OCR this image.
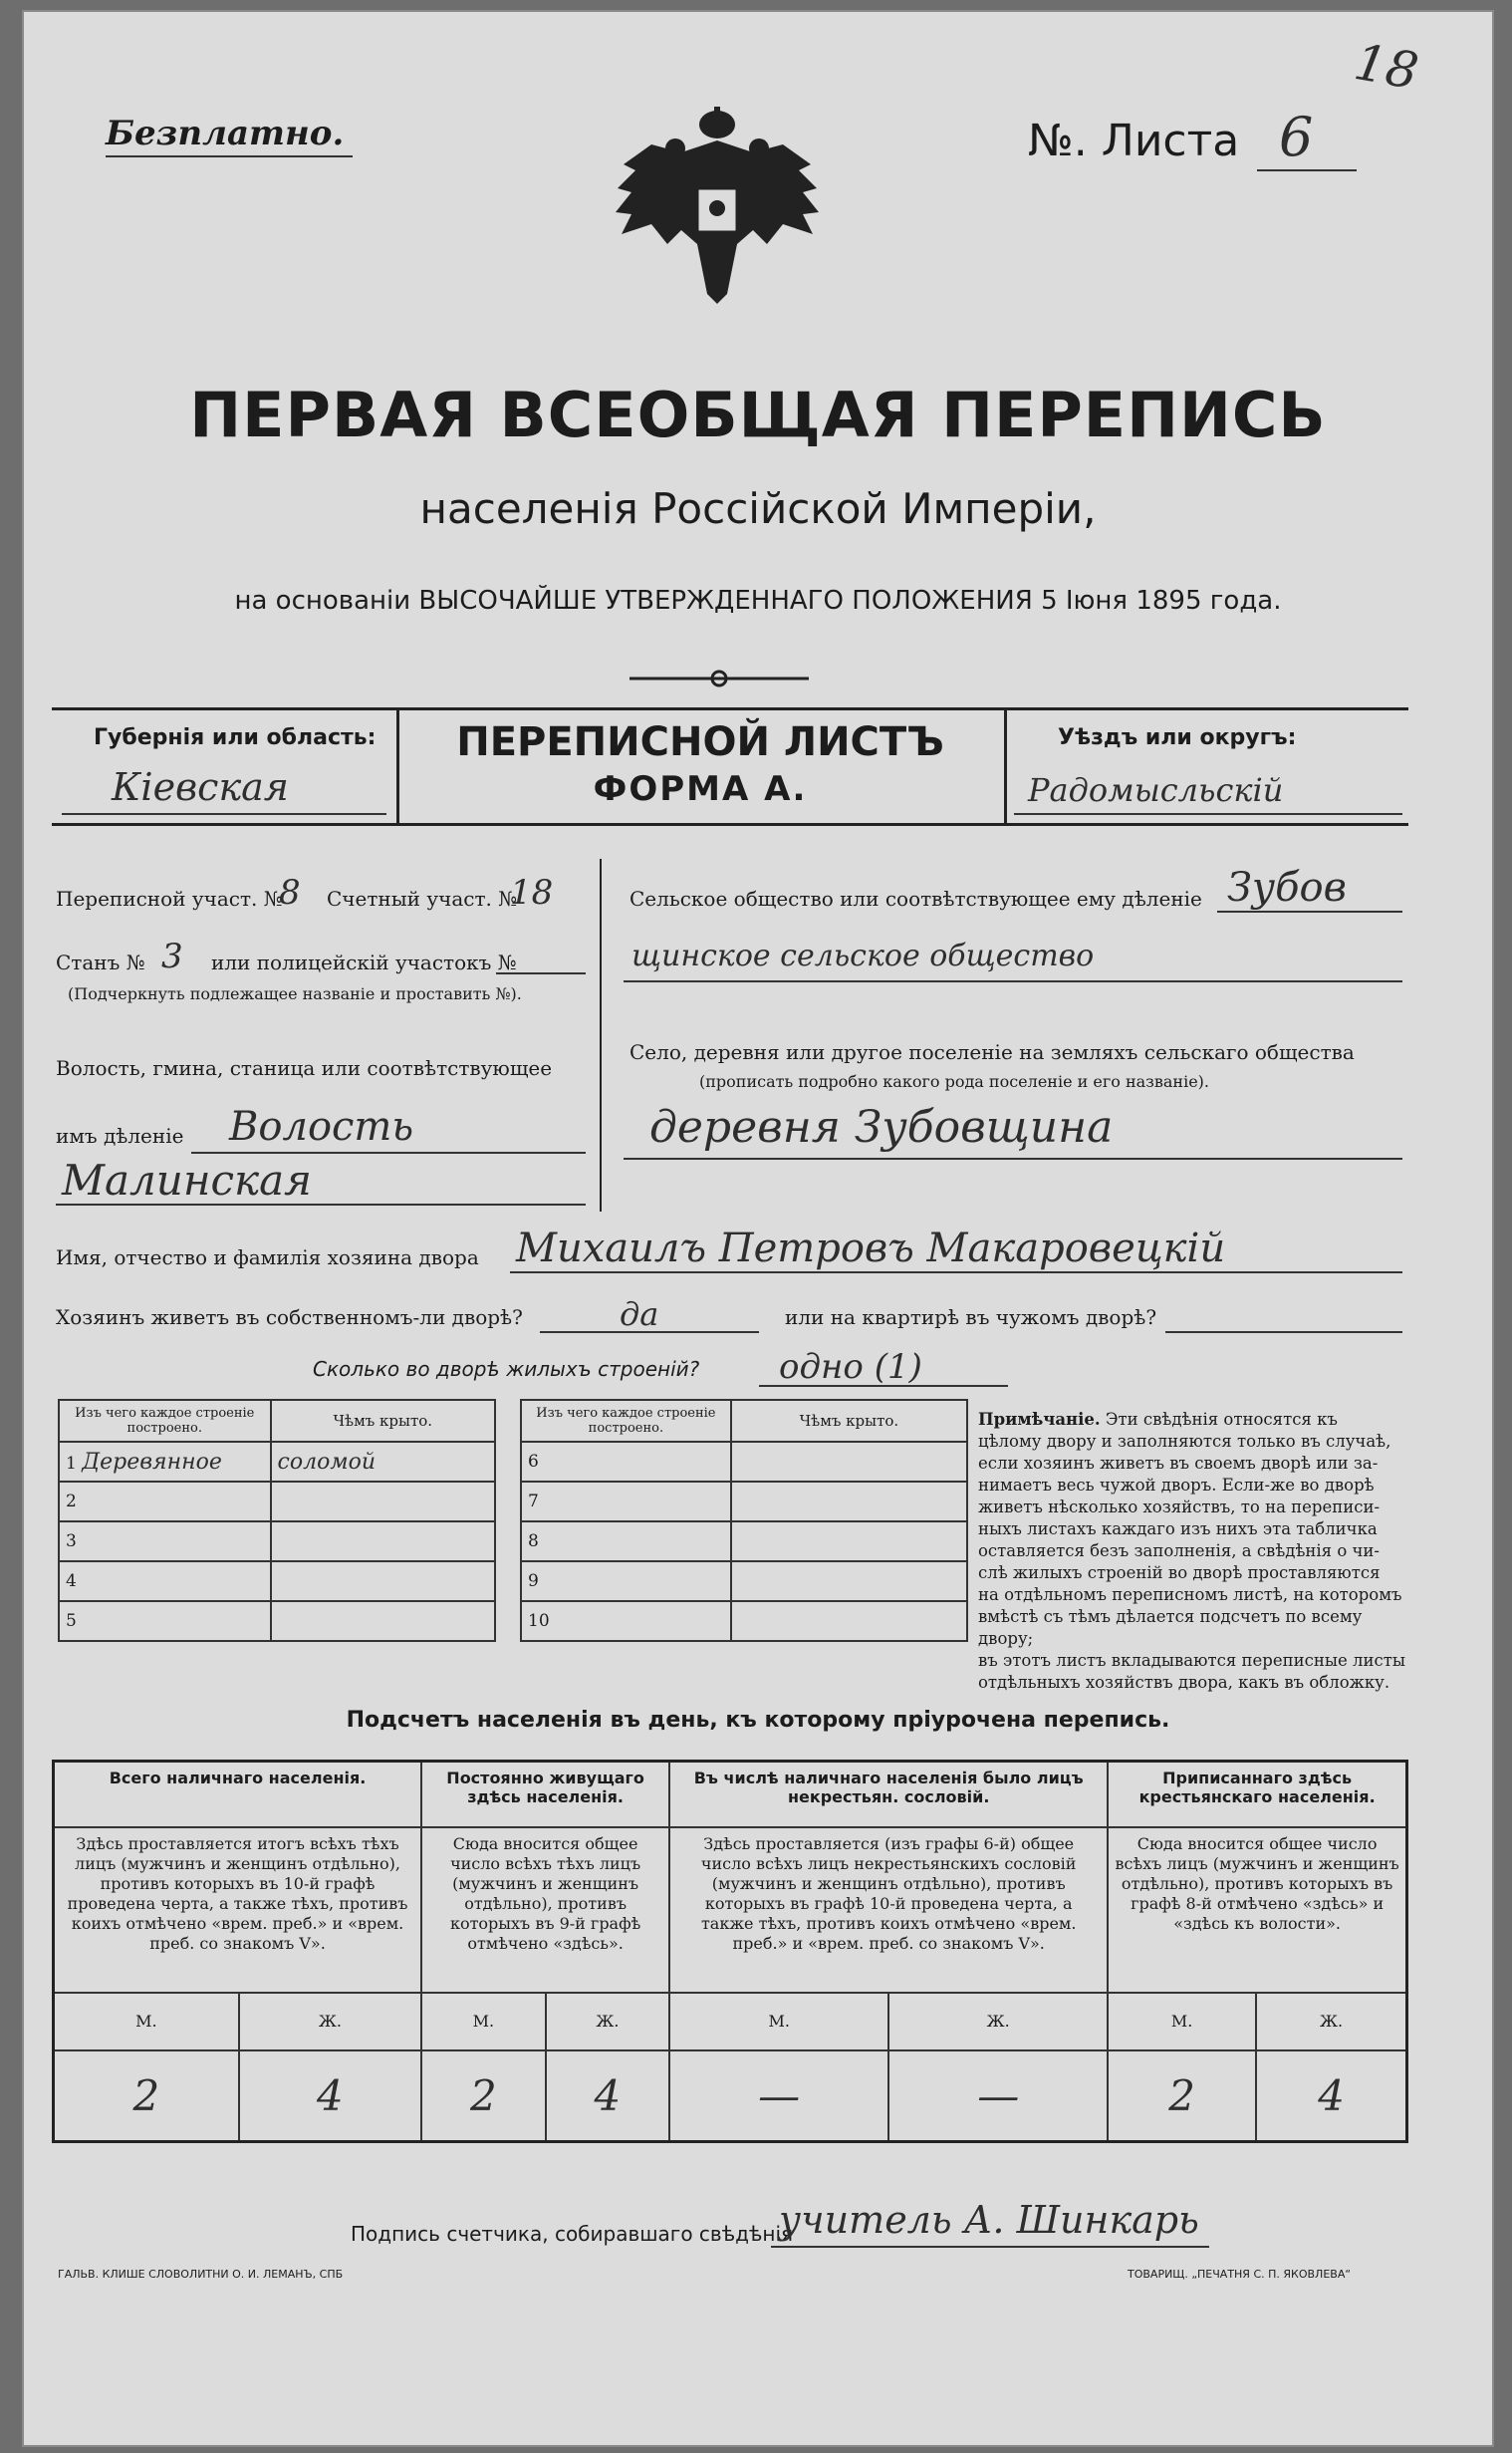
Безплатно.	№. Листа 6
18
ПЕРВАЯ ВСЕОБЩАЯ ПЕРЕПИСЬ
населенія Россійской Имперіи,
на основаніи ВЫСОЧАЙШЕ УТВЕРЖДЕННАГО ПОЛОЖЕНИЯ 5 Іюня 1895 года.
Губернія или область:
Кіевская
ПЕРЕПИСНОЙ ЛИСТЪ
ФОРМА А.
Уѣздъ или округъ:
Радомысльскій
Переписной участ. №
8 Счетный участ. №
18
Станъ № 3 или полицейскій участокъ №
(Подчеркнуть подлежащее названіе и проставить №).
Волость, гмина, станица или соотвѣтствующее
имъ дѣленіе Волость
Малинская
Сельское общество или соотвѣтствующее ему дѣленіе Зубов
щинское сельское общество
Село, деревня или другое поселеніе на земляхъ сельскаго общества
(прописать подробно какого рода поселеніе и его названіе).
деревня Зубовщина
Имя, отчество и фамилія хозяина двора Михаилъ Петровъ Макаровецкій
Хозяинъ живетъ въ собственномъ-ли дворѣ?	да	или на квартирѣ въ чужомъ дворѣ?
Сколько во дворѣ жилыхъ строеній? одно (1)
Изъ чего каждое строеніе построено.	Чѣмъ крыто.
1 Деревянное	соломой
2	
3	
4	
5	
Изъ чего каждое строеніе построено.	Чѣмъ крыто.
6	
7	
8	
9	
10	
Примѣчаніе. Эти свѣдѣнія относятся къ
цѣлому двору и заполняются только въ случаѣ,
если хозяинъ живетъ въ своемъ дворѣ или за-
нимаетъ весь чужой дворъ. Если-же во дворѣ
живетъ нѣсколько хозяйствъ, то на переписи-
ныхъ листахъ каждаго изъ нихъ эта табличка
оставляется безъ заполненія, а свѣдѣнія о чи-
слѣ жилыхъ строеній во дворѣ проставляются
на отдѣльномъ переписномъ листѣ, на которомъ
вмѣстѣ съ тѣмъ дѣлается подсчетъ по всему двору;
въ этотъ листъ вкладываются переписные листы
отдѣльныхъ хозяйствъ двора, какъ въ обложку.
Подсчетъ населенія въ день, къ которому пріурочена перепись.
Всего наличнаго населенія.		Постоянно живущаго здѣсь населенія.		Въ числѣ наличнаго населенія было лицъ некрестьян. сословій.		Приписаннаго здѣсь крестьянскаго населенія.	
Здѣсь проставляется итогъ всѣхъ тѣхъ лицъ (мужчинъ и женщинъ отдѣльно), противъ которыхъ въ 10-й графѣ проведена черта, а также тѣхъ, противъ коихъ отмѣчено «врем. преб.» и «врем. преб. со знакомъ V».		Сюда вносится общее число всѣхъ тѣхъ лицъ (мужчинъ и женщинъ отдѣльно), противъ которыхъ въ 9-й графѣ отмѣчено «здѣсь».		Здѣсь проставляется (изъ графы 6-й) общее число всѣхъ лицъ некрестьянскихъ сословій (мужчинъ и женщинъ отдѣльно), противъ которыхъ въ графѣ 10-й проведена черта, а также тѣхъ, противъ коихъ отмѣчено «врем. преб.» и «врем. преб. со знакомъ V».		Сюда вносится общее число всѣхъ лицъ (мужчинъ и женщинъ отдѣльно), противъ которыхъ въ графѣ 8-й отмѣчено «здѣсь» и «здѣсь къ волости».	
М.	Ж.	М.	Ж.	М.	Ж.	М.	Ж.
2	4	2	4	—	—	2	4
Подпись счетчика, собиравшаго свѣдѣнія
учитель А. Шинкарь
ГАЛЬВ. КЛИШЕ СЛОВОЛИТНИ О. И. ЛЕМАНЪ, СПБ	ТОВАРИЩ. „ПЕЧАТНЯ С. П. ЯКОВЛЕВА“
